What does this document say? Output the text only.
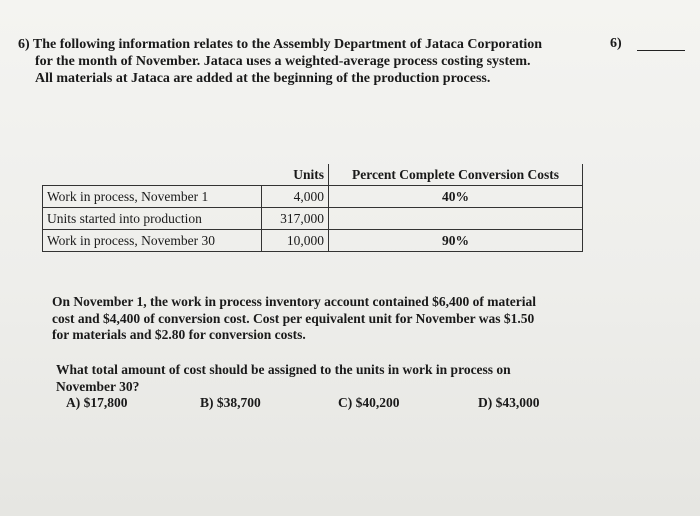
6) The following information relates to the Assembly Department of Jataca Corporation
for the month of November. Jataca uses a weighted-average process costing system.
All materials at Jataca are added at the beginning of the production process.
6)
	Units	Percent Complete Conversion Costs
Work in process, November 1	4,000	40%
Units started into production	317,000	
Work in process, November 30	10,000	90%
On November 1, the work in process inventory account contained $6,400 of material
cost and $4,400 of conversion cost. Cost per equivalent unit for November was $1.50
for materials and $2.80 for conversion costs.
What total amount of cost should be assigned to the units in work in process on
November 30?
A) $17,800	B) $38,700	C) $40,200	D) $43,000
